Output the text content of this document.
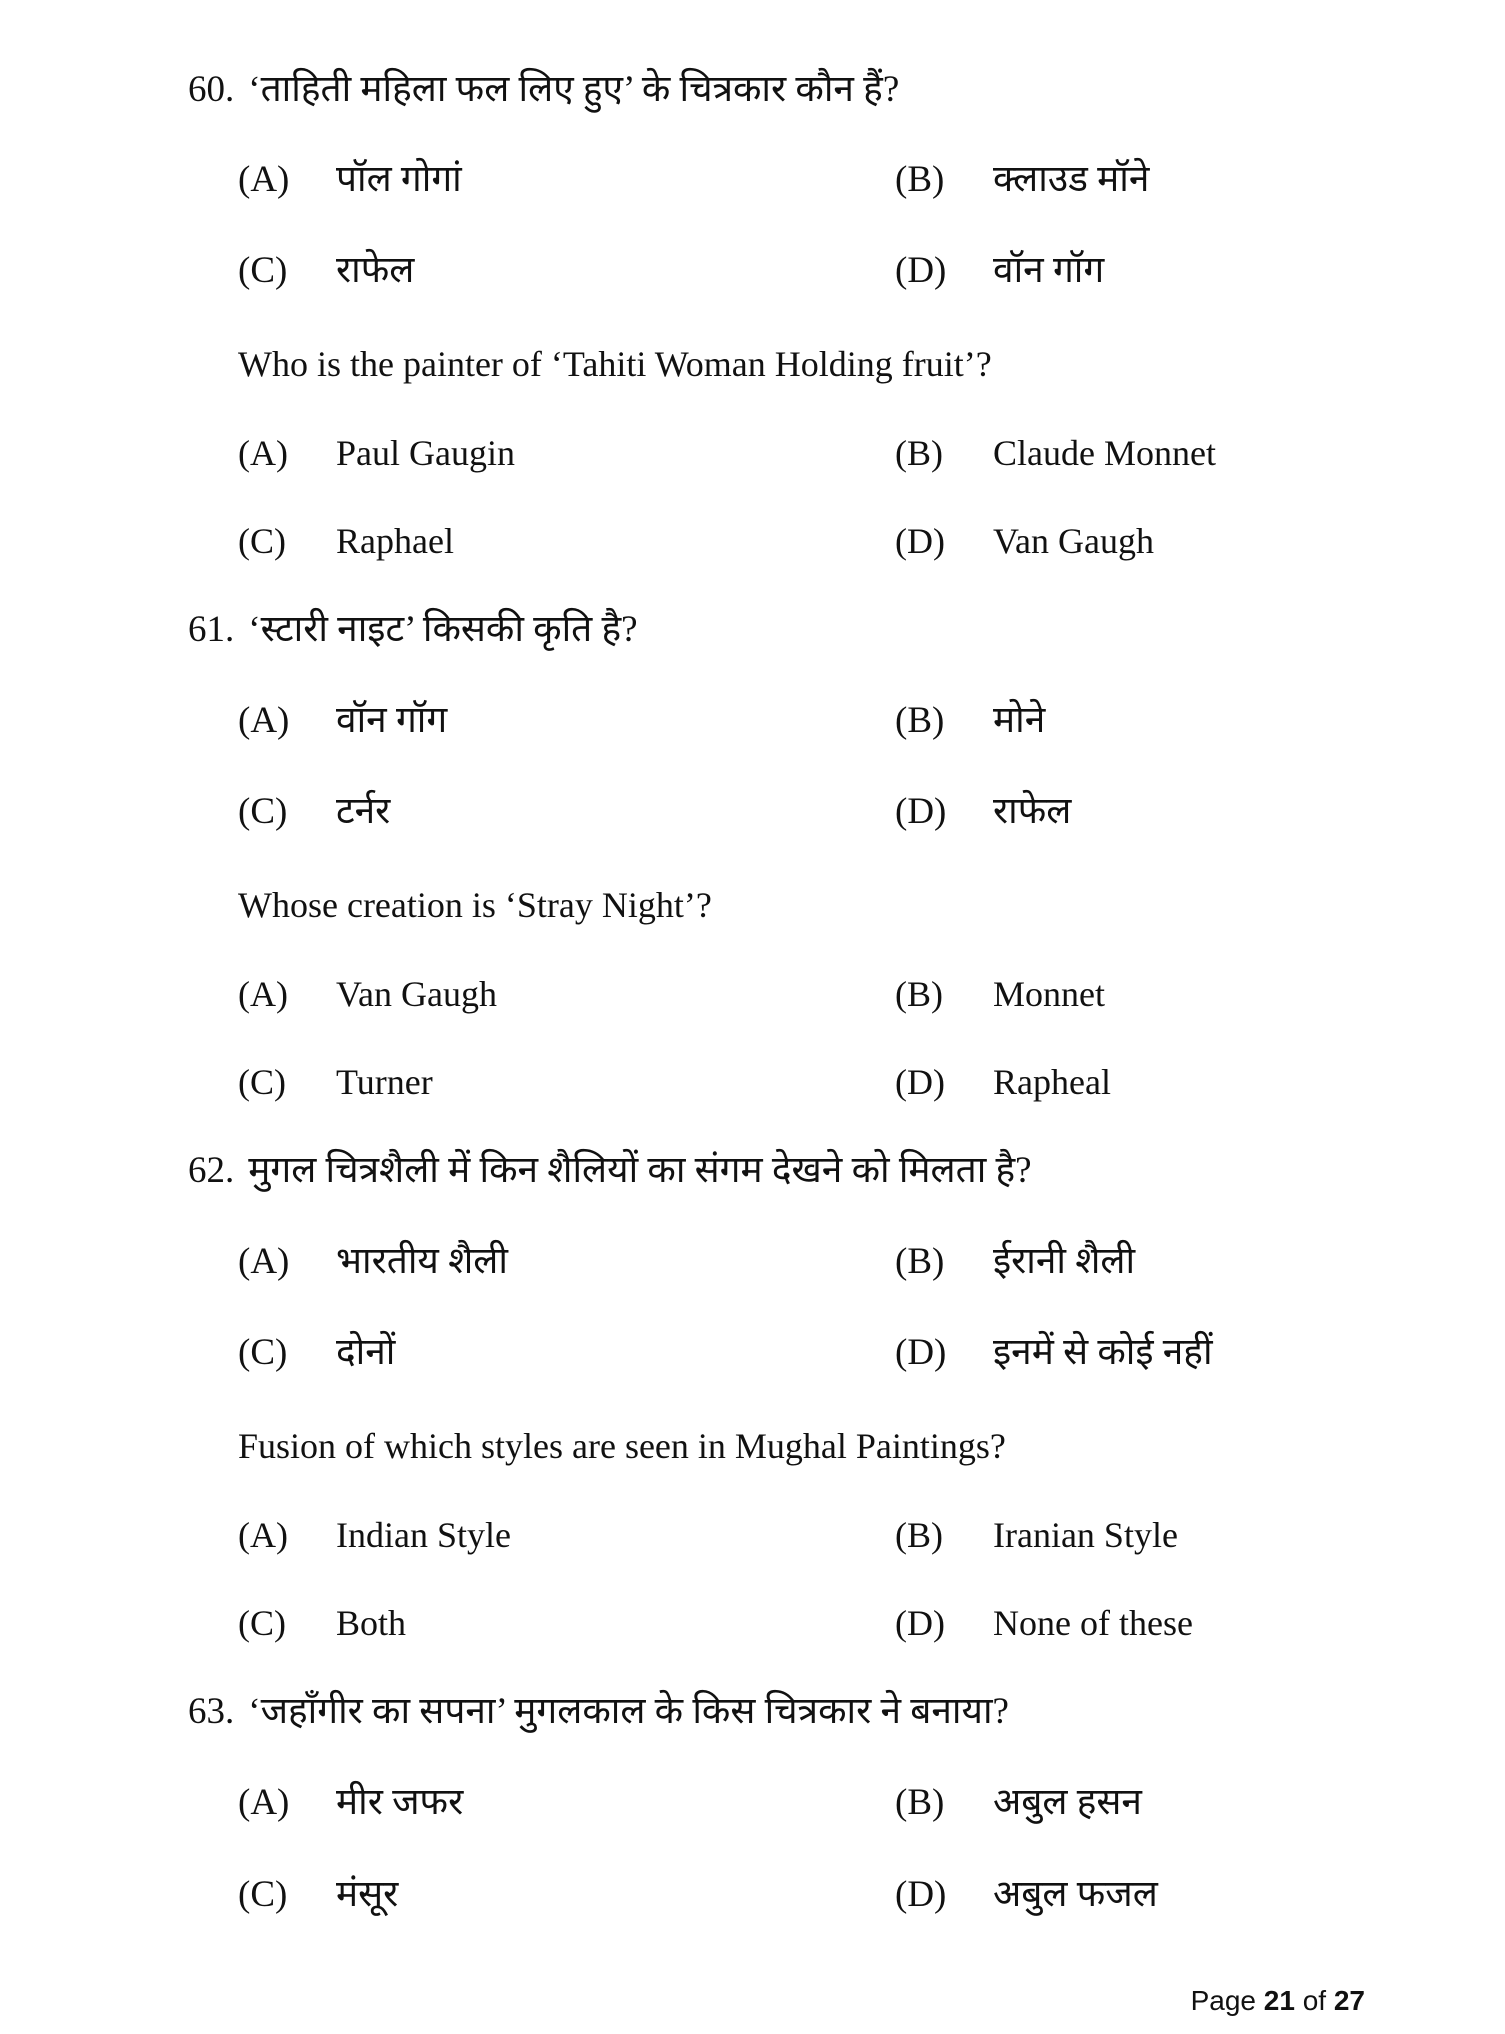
60. ‘ताहिती महिला फल लिए हुए’ के चित्रकार कौन हैं?
(A) पॉल गोगां	(B) क्लाउड मॉने
(C) राफेल	(D) वॉन गॉग
Who is the painter of ‘Tahiti Woman Holding fruit’?
(A) Paul Gaugin	(B) Claude Monnet
(C) Raphael	(D) Van Gaugh
61. ‘स्टारी नाइट’ किसकी कृति है?
(A) वॉन गॉग	(B) मोने
(C) टर्नर	(D) राफेल
Whose creation is ‘Stray Night’?
(A) Van Gaugh	(B) Monnet
(C) Turner	(D) Rapheal
62. मुगल चित्रशैली में किन शैलियों का संगम देखने को मिलता है?
(A) भारतीय शैली	(B) ईरानी शैली
(C) दोनों	(D) इनमें से कोई नहीं
Fusion of which styles are seen in Mughal Paintings?
(A) Indian Style	(B) Iranian Style
(C) Both	(D) None of these
63. ‘जहाँगीर का सपना’ मुगलकाल के किस चित्रकार ने बनाया?
(A) मीर जफर	(B) अबुल हसन
(C) मंसूर	(D) अबुल फजल
Page 21 of 27
